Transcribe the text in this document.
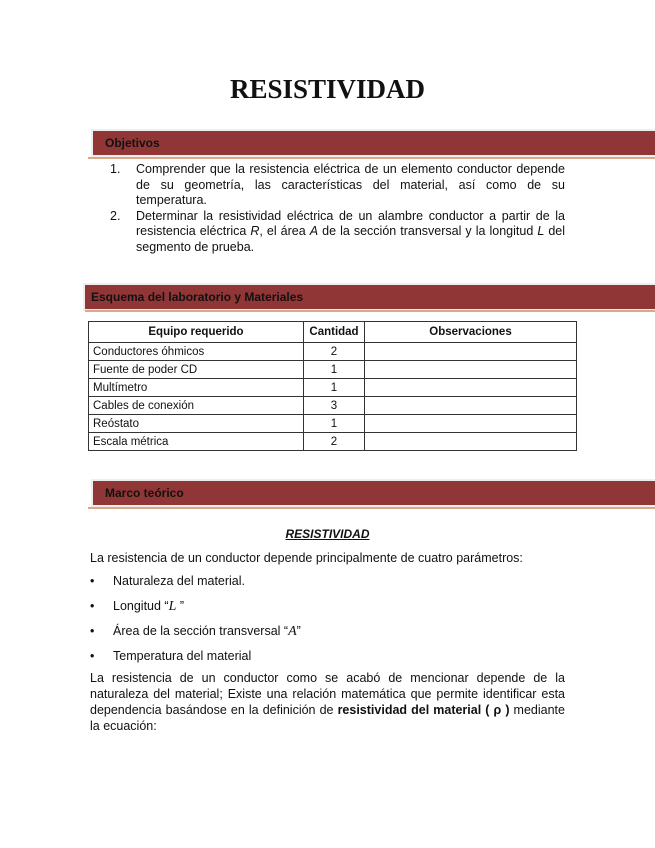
RESISTIVIDAD
Objetivos
1.	Comprender que la resistencia eléctrica de un elemento conductor depende de su geometría, las características del material, así como de su temperatura.
2.	Determinar la resistividad eléctrica de un alambre conductor a partir de la resistencia eléctrica R, el área A de la sección transversal y la longitud L del segmento de prueba.
Esquema del laboratorio y Materiales
Equipo requerido	Cantidad	Observaciones
Conductores óhmicos	2	
Fuente de poder CD	1	
Multímetro	1	
Cables de conexión	3	
Reóstato	1	
Escala métrica	2	
Marco teórico
RESISTIVIDAD
La resistencia de un conductor depende principalmente de cuatro parámetros:
• Naturaleza del material.
• Longitud “L ”
• Área de la sección transversal “A”
• Temperatura del material
La resistencia de un conductor como se acabó de mencionar depende de la naturaleza del material; Existe una relación matemática que permite identificar esta dependencia basándose en la definición de resistividad del material ( ρ ) mediante la ecuación:
